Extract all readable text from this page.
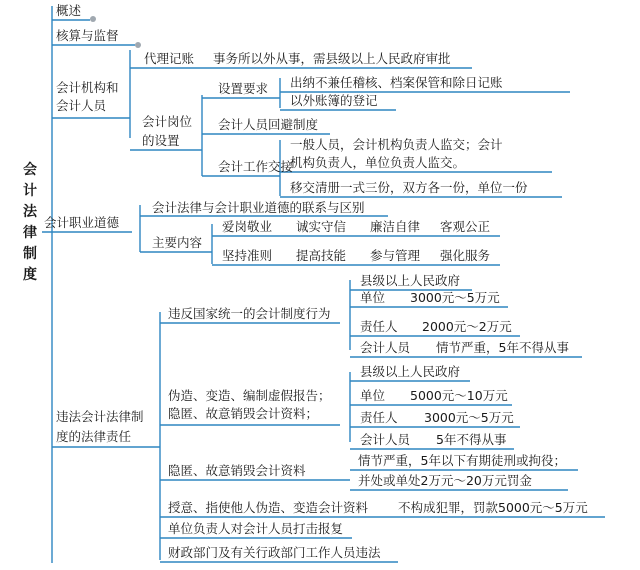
会
计
法
律
制
度
概述
核算与监督
会计机构和
会计人员
会计职业道德
违法会计法律制
度的法律责任
代理记账 事务所以外从事，需县级以上人民政府审批
会计岗位
的设置
设置要求 出纳不兼任稽核、档案保管和除日记账
以外账簿的登记
会计人员回避制度
会计工作交接
一般人员，会计机构负责人监交；会计
机构负责人，单位负责人监交。
移交清册一式三份，双方各一份，单位一份
会计法律与会计职业道德的联系与区别
主要内容
爱岗敬业 诚实守信 廉洁自律 客观公正
坚持准则 提高技能 参与管理 强化服务
违反国家统一的会计制度行为
县级以上人民政府
单位 3000元～5万元
责任人 2000元～2万元
会计人员 情节严重，5年不得从事
伪造、变造、编制虚假报告；
隐匿、故意销毁会计资料；
县级以上人民政府
单位 5000元～10万元
责任人 3000元～5万元
会计人员 5年不得从事
隐匿、故意销毁会计资料
情节严重，5年以下有期徒刑或拘役；
并处或单处2万元～20万元罚金
授意、指使他人伪造、变造会计资料 不构成犯罪，罚款5000元～5万元
单位负责人对会计人员打击报复
财政部门及有关行政部门工作人员违法
